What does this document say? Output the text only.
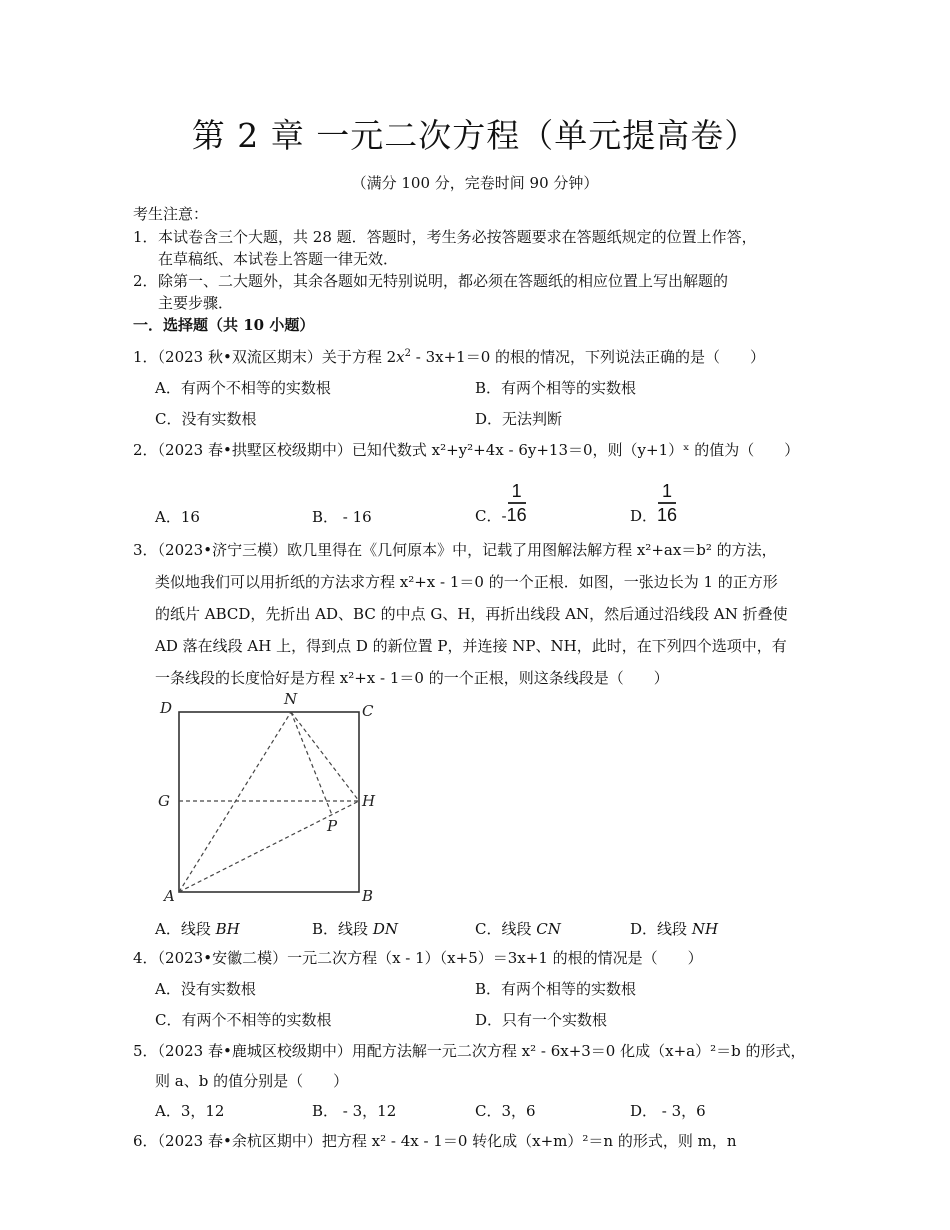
第 2 章 一元二次方程（单元提高卷）
（满分 100 分，完卷时间 90 分钟）
考生注意：
1． 本试卷含三个大题，共 28 题．答题时，考生务必按答题要求在答题纸规定的位置上作答，
在草稿纸、本试卷上答题一律无效．
2． 除第一、二大题外，其余各题如无特别说明，都必须在答题纸的相应位置上写出解题的
主要步骤．
一．选择题（共 10 小题）
1．（2023 秋•双流区期末）关于方程 $2x^2 - 3x+1=0$ 的根的情况，下列说法正确的是（　　）
A．有两个不相等的实数根	B．有两个相等的实数根
C．没有实数根	D．无法判断
2．（2023 春•拱墅区校级期中）已知代数式 x²+y²+4x - 6y+13＝0，则（y+1）ˣ 的值为（　　）
A．16	B． - 16	C． - $\frac{1}{16}$	D． $\frac{1}{16}$
3．（2023•济宁三模）欧几里得在《几何原本》中，记载了用图解法解方程 x²+ax＝b² 的方法，
类似地我们可以用折纸的方法求方程 x²+x - 1＝0 的一个正根．如图，一张边长为 1 的正方形
的纸片 ABCD，先折出 AD、BC 的中点 G、H，再折出线段 AN，然后通过沿线段 AN 折叠使
AD 落在线段 AH 上，得到点 D 的新位置 P，并连接 NP、NH，此时，在下列四个选项中，有
一条线段的长度恰好是方程 x²+x - 1＝0 的一个正根，则这条线段是（　　）
D	N
C
G	H
P
A	B
A．线段 BH	B．线段 DN	C．线段 CN	D．线段 NH
4．（2023•安徽二模）一元二次方程（x - 1）（x+5）＝3x+1 的根的情况是（　　）
A．没有实数根	B．有两个相等的实数根
C．有两个不相等的实数根	D．只有一个实数根
5．（2023 春•鹿城区校级期中）用配方法解一元二次方程 x² - 6x+3＝0 化成（x+a）²＝b 的形式，
则 a、b 的值分别是（　　）
A．3，12	B． - 3，12	C．3，6	D． - 3，6
6．（2023 春•余杭区期中）把方程 x² - 4x - 1＝0 转化成（x+m）²＝n 的形式，则 m，n
